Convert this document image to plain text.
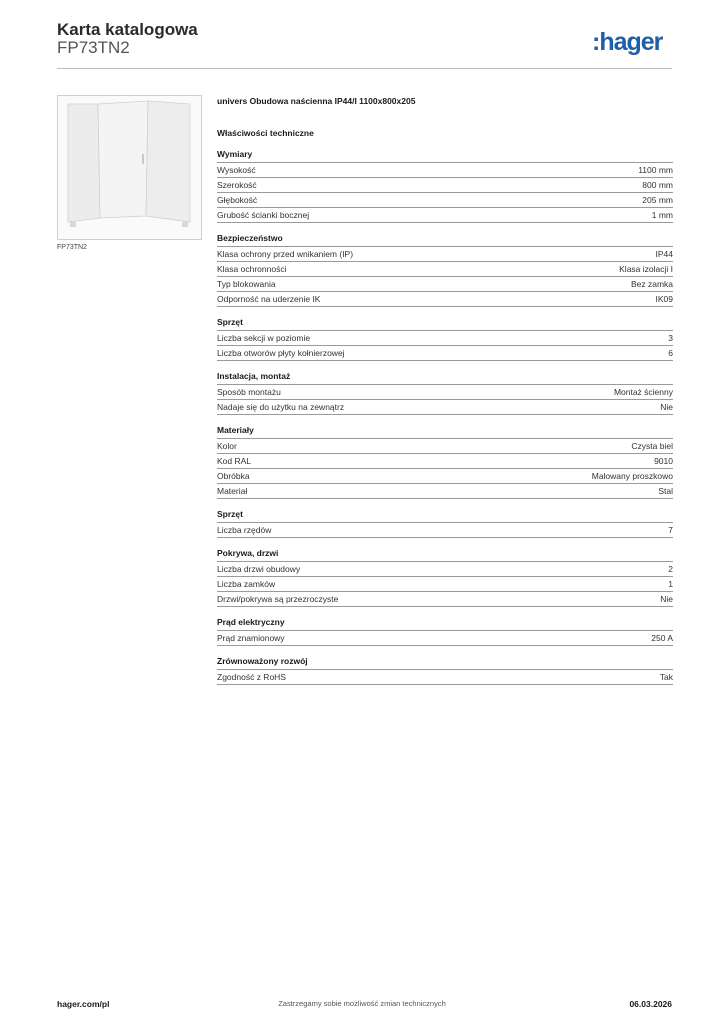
Karta katalogowa
FP73TN2	:hager
FP73TN2
univers Obudowa naścienna IP44/I 1100x800x205
Właściwości techniczne
Wymiary
Wysokość	1100 mm
Szerokość	800 mm
Głębokość	205 mm
Grubość ścianki bocznej	1 mm
Bezpieczeństwo
Klasa ochrony przed wnikaniem (IP)	IP44
Klasa ochronności	Klasa izolacji I
Typ blokowania	Bez zamka
Odporność na uderzenie IK	IK09
Sprzęt
Liczba sekcji w poziomie	3
Liczba otworów płyty kołnierzowej	6
Instalacja, montaż
Sposób montażu	Montaż ścienny
Nadaje się do użytku na zewnątrz	Nie
Materiały
Kolor	Czysta biel
Kod RAL	9010
Obróbka	Malowany proszkowo
Materiał	Stal
Sprzęt
Liczba rzędów	7
Pokrywa, drzwi
Liczba drzwi obudowy	2
Liczba zamków	1
Drzwi/pokrywa są przezroczyste	Nie
Prąd elektryczny
Prąd znamionowy	250 A
Zrównoważony rozwój
Zgodność z RoHS	Tak
hager.com/pl	Zastrzegamy sobie możliwość zmian technicznych	06.03.2026
